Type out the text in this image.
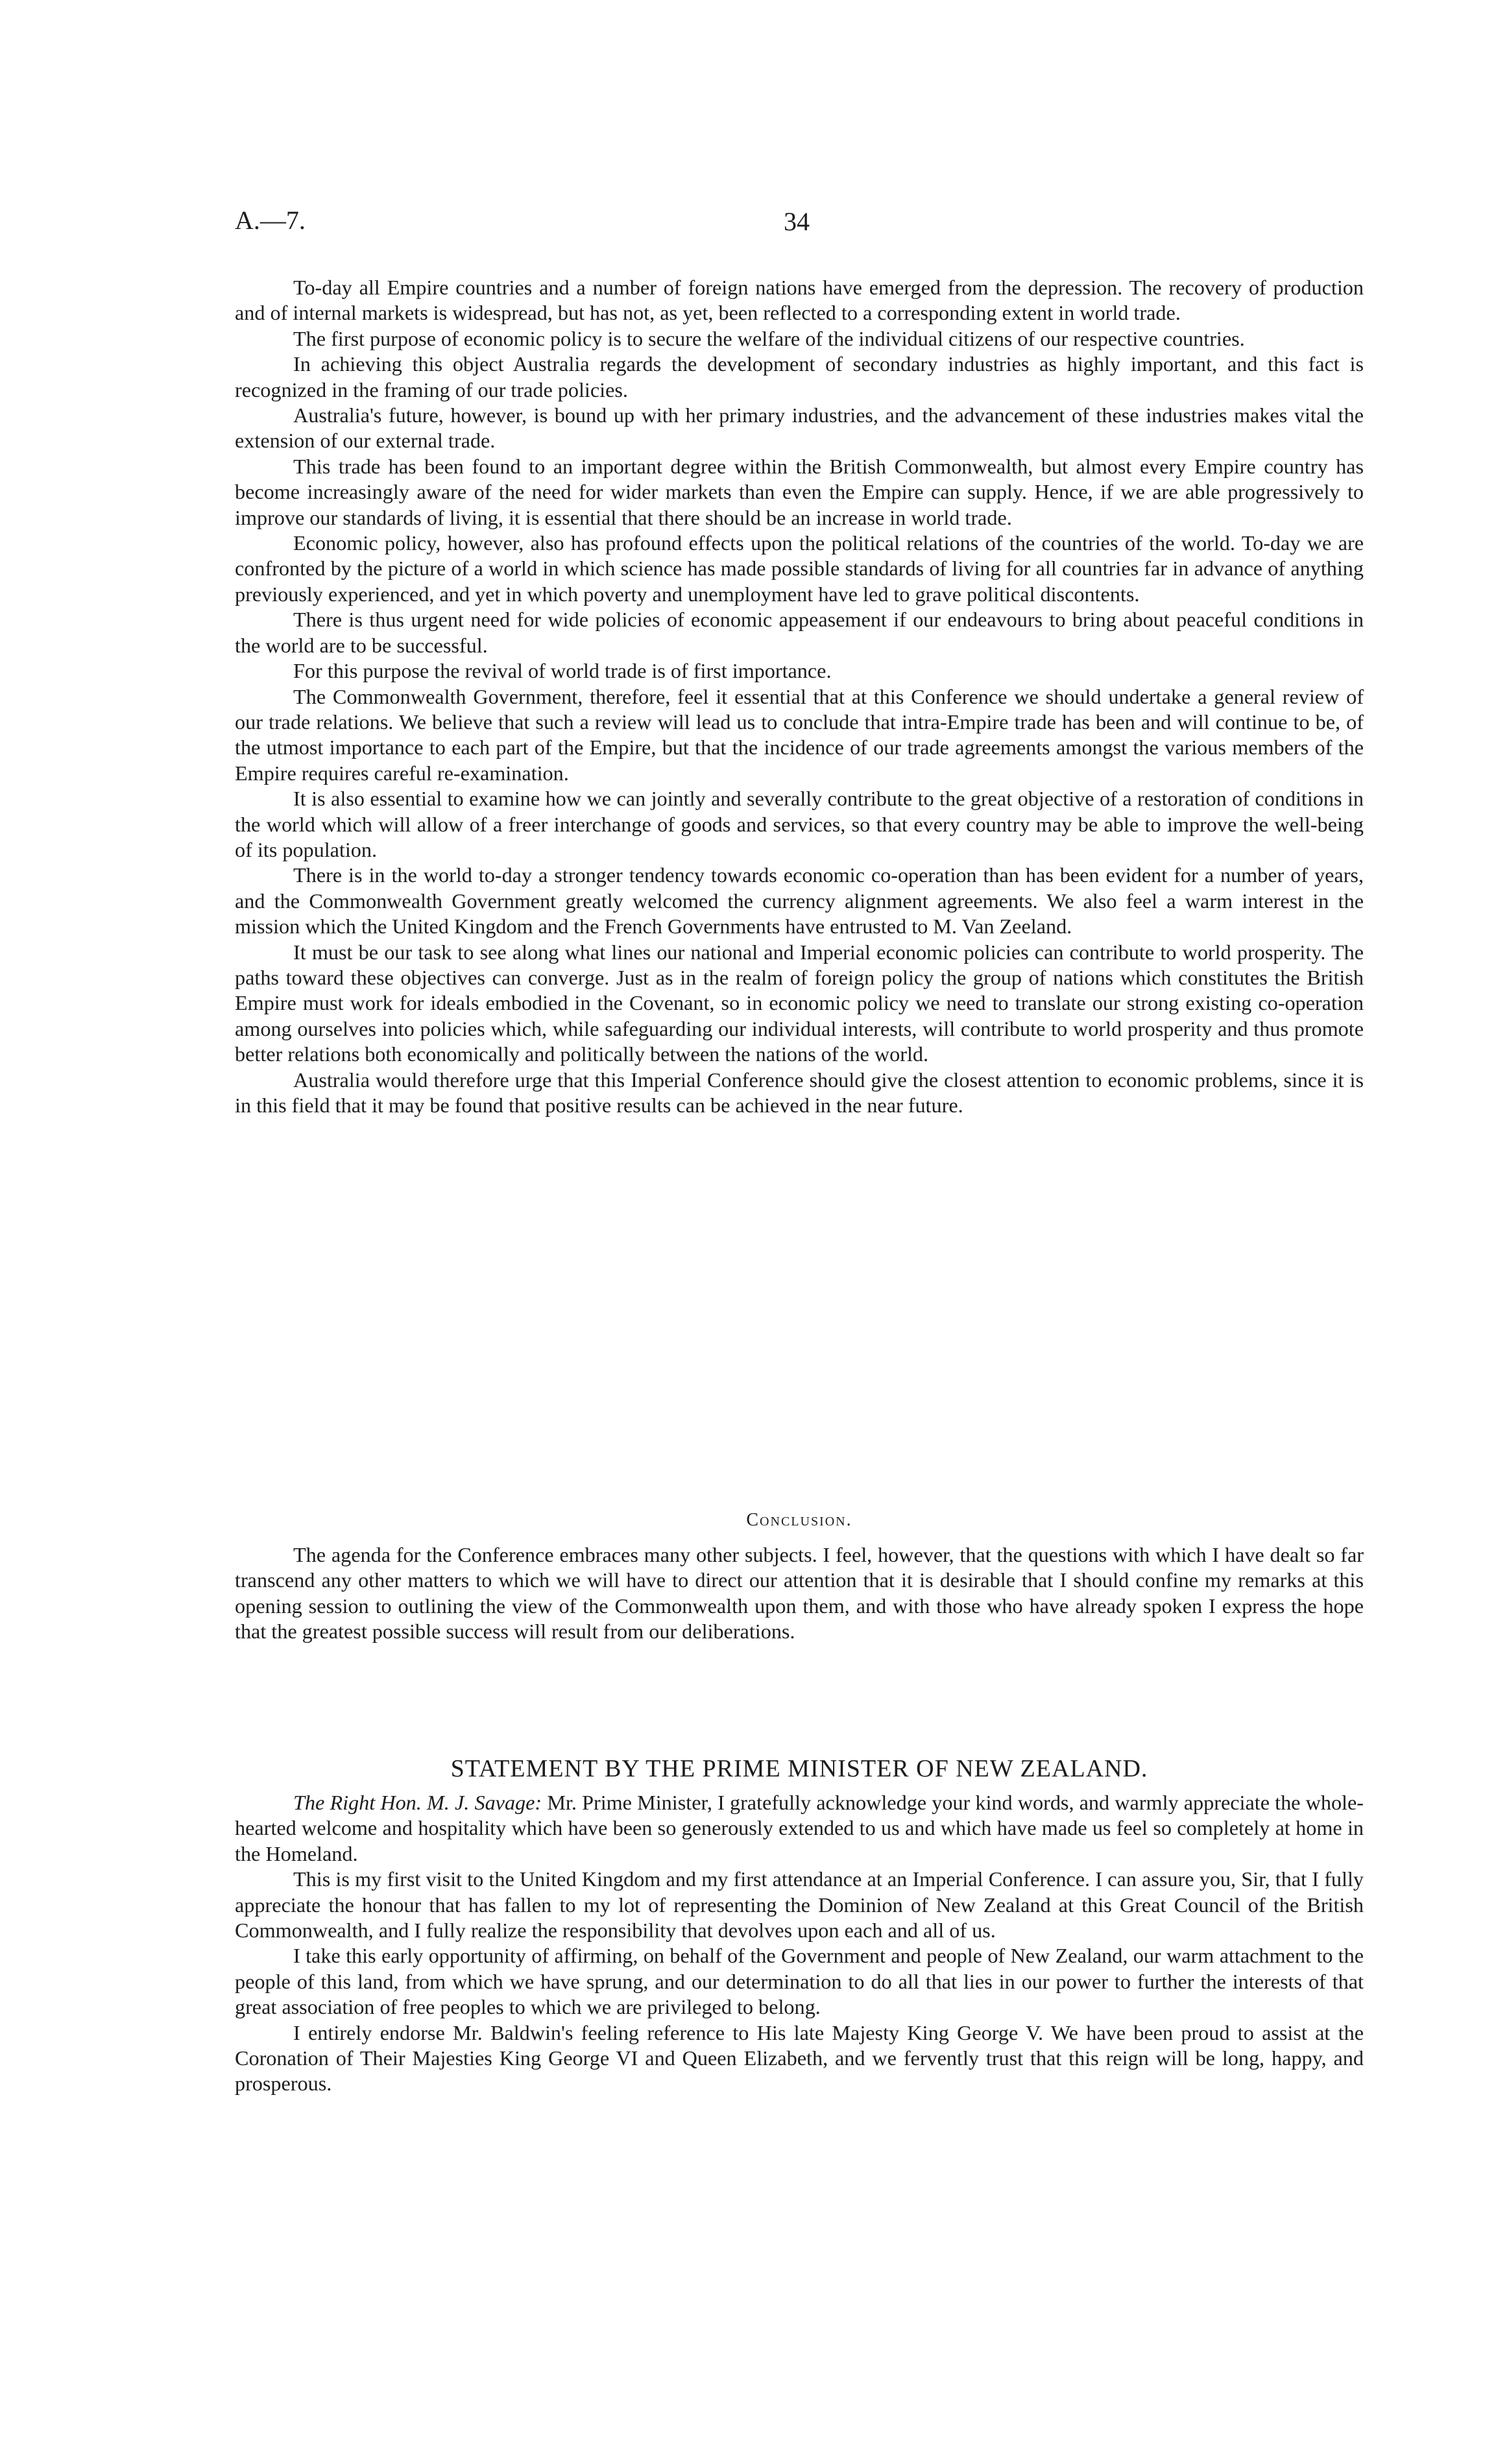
A.—7.	34

To-day all Empire countries and a number of foreign nations have emerged from the depression. The recovery of production and of internal markets is widespread, but has not, as yet, been reflected to a corresponding extent in world trade.

The first purpose of economic policy is to secure the welfare of the individual citizens of our respective countries.

In achieving this object Australia regards the development of secondary industries as highly important, and this fact is recognized in the framing of our trade policies.

Australia's future, however, is bound up with her primary industries, and the advancement of these industries makes vital the extension of our external trade.

This trade has been found to an important degree within the British Commonwealth, but almost every Empire country has become increasingly aware of the need for wider markets than even the Empire can supply. Hence, if we are able progressively to improve our standards of living, it is essential that there should be an increase in world trade.

Economic policy, however, also has profound effects upon the political relations of the countries of the world. To-day we are confronted by the picture of a world in which science has made possible standards of living for all countries far in advance of anything previously experienced, and yet in which poverty and unemployment have led to grave political discontents.

There is thus urgent need for wide policies of economic appeasement if our endeavours to bring about peaceful conditions in the world are to be successful.

For this purpose the revival of world trade is of first importance.

The Commonwealth Government, therefore, feel it essential that at this Conference we should undertake a general review of our trade relations. We believe that such a review will lead us to conclude that intra-Empire trade has been and will continue to be, of the utmost importance to each part of the Empire, but that the incidence of our trade agreements amongst the various members of the Empire requires careful re-examination.

It is also essential to examine how we can jointly and severally contribute to the great objective of a restoration of conditions in the world which will allow of a freer interchange of goods and services, so that every country may be able to improve the well-being of its population.

There is in the world to-day a stronger tendency towards economic co-operation than has been evident for a number of years, and the Commonwealth Government greatly welcomed the currency alignment agreements. We also feel a warm interest in the mission which the United Kingdom and the French Governments have entrusted to M. Van Zeeland.

It must be our task to see along what lines our national and Imperial economic policies can contribute to world prosperity. The paths toward these objectives can converge. Just as in the realm of foreign policy the group of nations which constitutes the British Empire must work for ideals embodied in the Covenant, so in economic policy we need to translate our strong existing co-operation among ourselves into policies which, while safeguarding our individual interests, will contribute to world prosperity and thus promote better relations both economically and politically between the nations of the world.

Australia would therefore urge that this Imperial Conference should give the closest attention to economic problems, since it is in this field that it may be found that positive results can be achieved in the near future.

Conclusion.

The agenda for the Conference embraces many other subjects. I feel, however, that the questions with which I have dealt so far transcend any other matters to which we will have to direct our attention that it is desirable that I should confine my remarks at this opening session to outlining the view of the Commonwealth upon them, and with those who have already spoken I express the hope that the greatest possible success will result from our deliberations.

STATEMENT BY THE PRIME MINISTER OF NEW ZEALAND.

The Right Hon. M. J. Savage: Mr. Prime Minister, I gratefully acknowledge your kind words, and warmly appreciate the whole-hearted welcome and hospitality which have been so generously extended to us and which have made us feel so completely at home in the Homeland.

This is my first visit to the United Kingdom and my first attendance at an Imperial Conference. I can assure you, Sir, that I fully appreciate the honour that has fallen to my lot of representing the Dominion of New Zealand at this Great Council of the British Commonwealth, and I fully realize the responsibility that devolves upon each and all of us.

I take this early opportunity of affirming, on behalf of the Government and people of New Zealand, our warm attachment to the people of this land, from which we have sprung, and our determination to do all that lies in our power to further the interests of that great association of free peoples to which we are privileged to belong.

I entirely endorse Mr. Baldwin's feeling reference to His late Majesty King George V. We have been proud to assist at the Coronation of Their Majesties King George VI and Queen Elizabeth, and we fervently trust that this reign will be long, happy, and prosperous.
